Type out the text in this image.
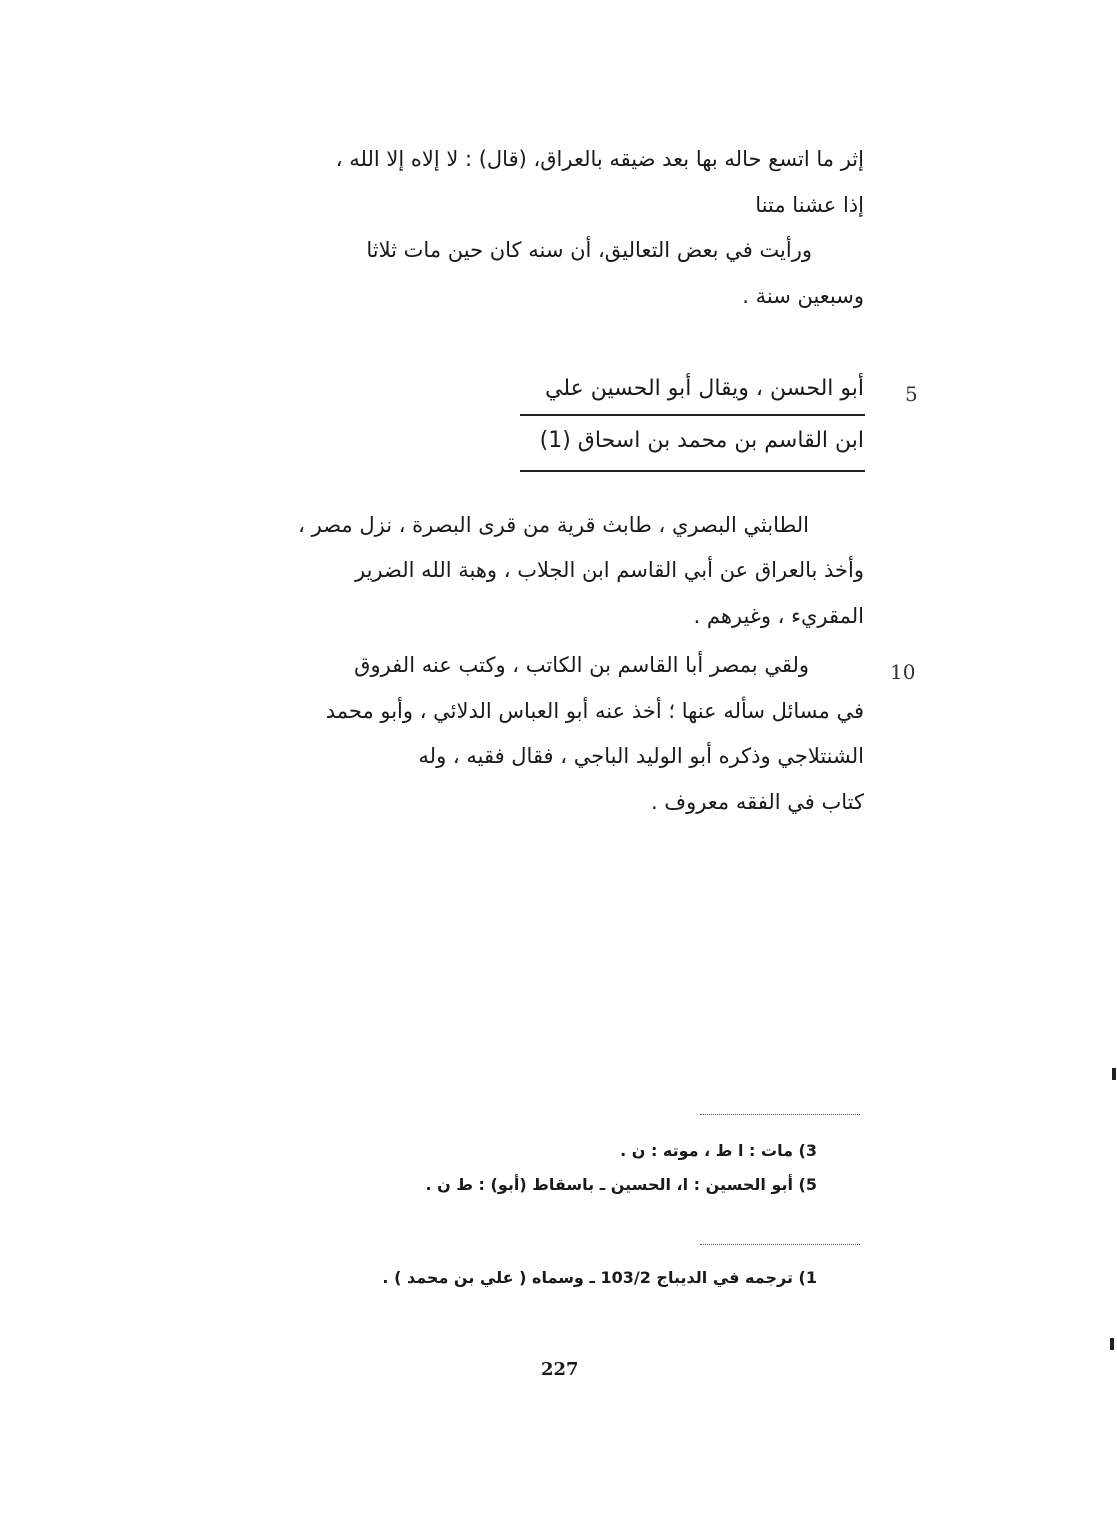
إثر ما اتسع حاله بها بعد ضيقه بالعراق، (قال) : لا إلاه إلا الله ،
إذا عشنا متنا
ورأيت في بعض التعاليق، أن سنه كان حين مات ثلاثا
وسبعين سنة .
5
أبو الحسن ، ويقال أبو الحسين علي
ابن القاسم بن محمد بن اسحاق (1)
الطابثي البصري ، طابث قرية من قرى البصرة ، نزل مصر ،
وأخذ بالعراق عن أبي القاسم ابن الجلاب ، وهبة الله الضرير
المقريء ، وغيرهم .
10
ولقي بمصر أبا القاسم بن الكاتب ، وكتب عنه الفروق
في مسائل سأله عنها ؛ أخذ عنه أبو العباس الدلائي ، وأبو محمد
الشنتلاجي وذكره أبو الوليد الباجي ، فقال فقيه ، وله
كتاب في الفقه معروف .
3) مات : ا ط ، موته : ن .
5) أبو الحسين : ا، الحسين ـ باسقاط (أبو) : ط ن .
1) ترجمه في الديباج 103/2 ـ وسماه ( علي بن محمد ) .
227
